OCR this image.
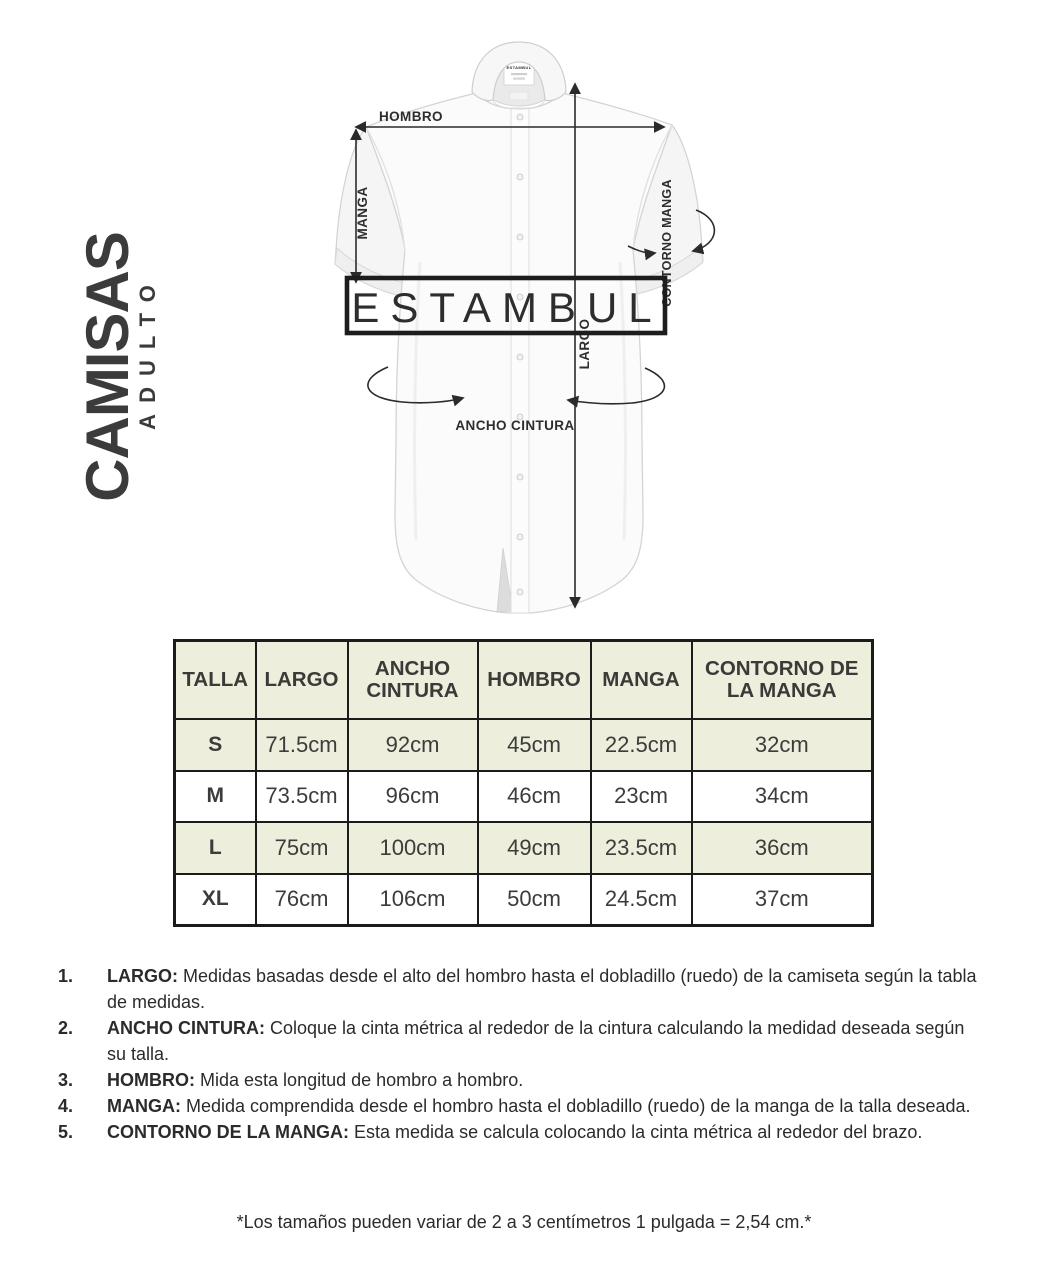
CAMISAS
ADULTO
ESTAMBUL
HOMBRO
MANGA
LARGO
CONTORNO MANGA
ANCHO CINTURA
ESTAMBUL
TALLA	LARGO	ANCHO CINTURA	HOMBRO	MANGA	CONTORNO DE LA MANGA
S	71.5cm	92cm	45cm	22.5cm	32cm
M	73.5cm	96cm	46cm	23cm	34cm
L	75cm	100cm	49cm	23.5cm	36cm
XL	76cm	106cm	50cm	24.5cm	37cm
1.	LARGO: Medidas basadas desde el alto del hombro hasta el dobladillo (ruedo) de la camiseta según la tabla de medidas.
2.	ANCHO CINTURA: Coloque la cinta métrica al rededor de la cintura calculando la medidad deseada según su talla.
3.	HOMBRO: Mida esta longitud de hombro a hombro.
4.	MANGA: Medida comprendida desde el hombro hasta el dobladillo (ruedo) de la manga de la talla deseada.
5.	CONTORNO DE LA MANGA: Esta medida se calcula colocando la cinta métrica al rededor del brazo.
*Los tamaños pueden variar de 2 a 3 centímetros 1 pulgada = 2,54 cm.*
